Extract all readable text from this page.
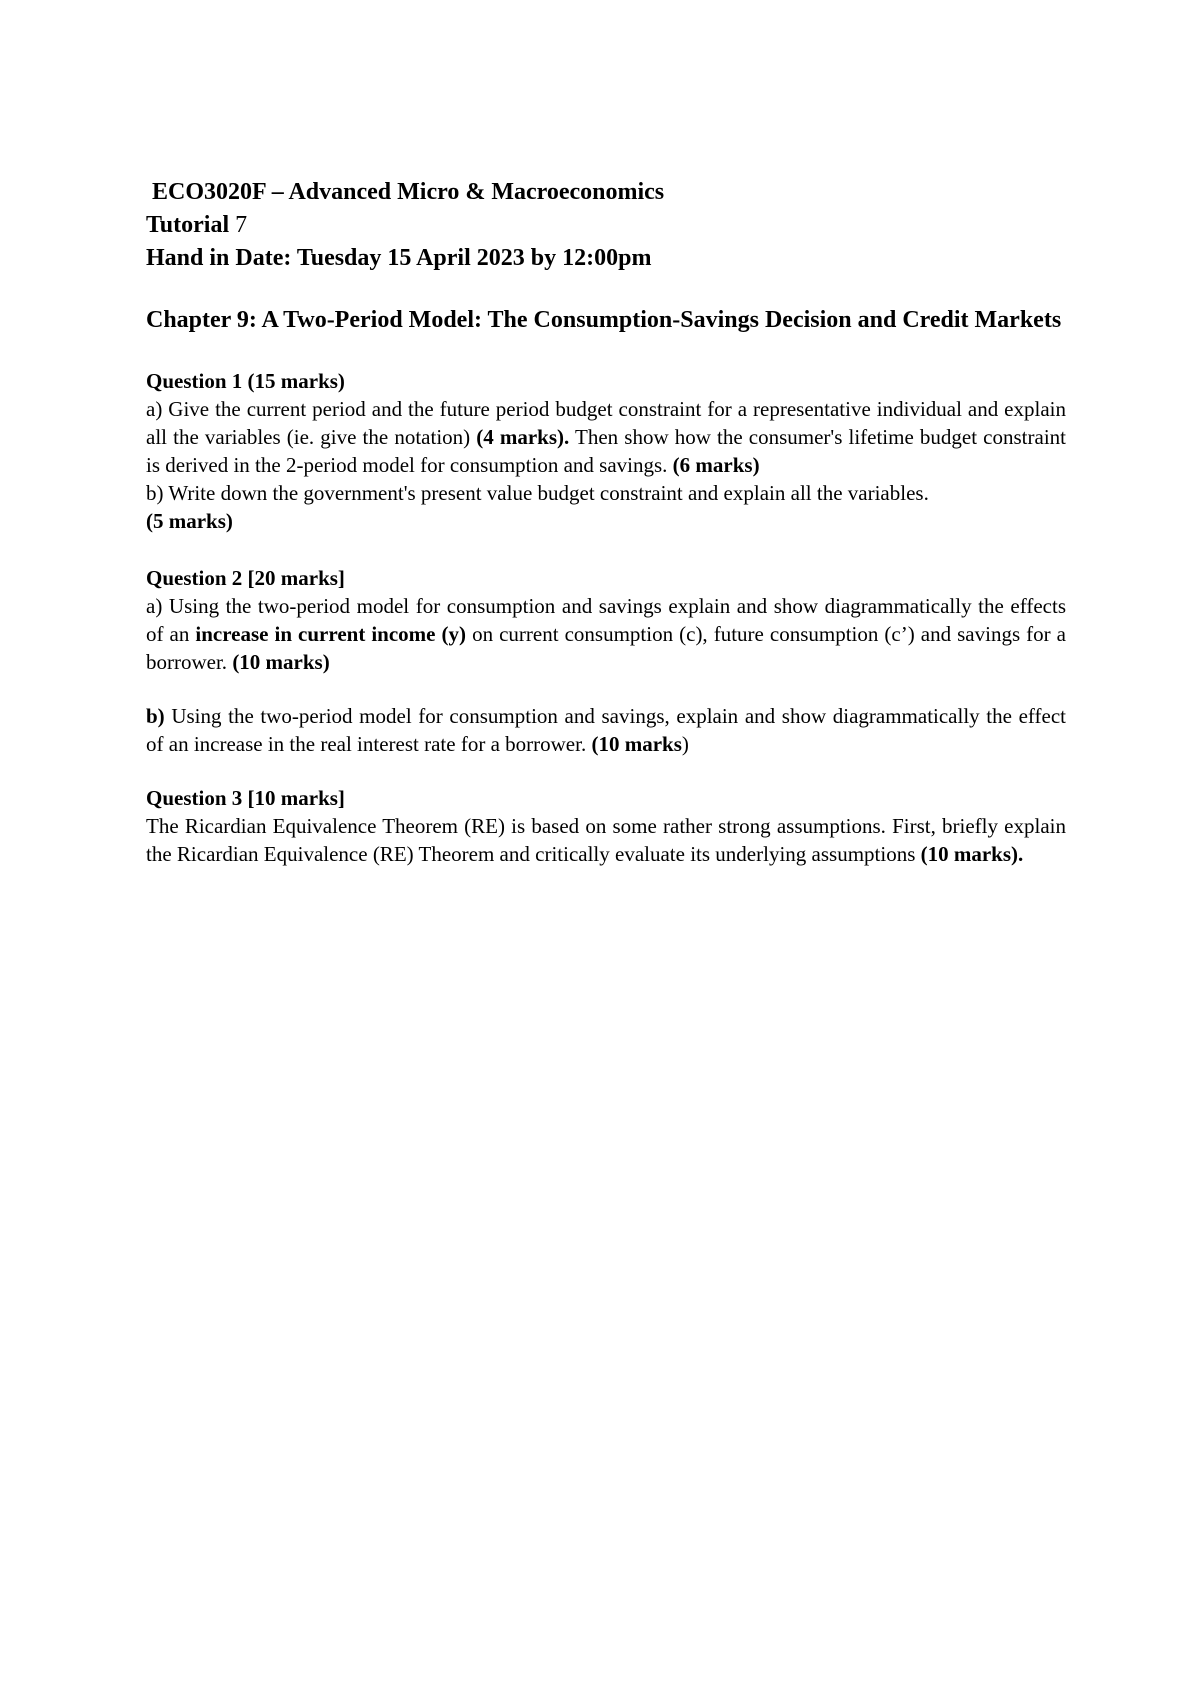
ECO3020F – Advanced Micro & Macroeconomics
Tutorial 7
Hand in Date: Tuesday 15 April 2023 by 12:00pm
Chapter 9: A Two-Period Model: The Consumption-Savings Decision and Credit Markets
Question 1 (15 marks)

a) Give the current period and the future period budget constraint for a representative individual and explain all the variables (ie. give the notation) (4 marks). Then show how the consumer's lifetime budget constraint is derived in the 2-period model for consumption and savings. (6 marks)

b) Write down the government's present value budget constraint and explain all the variables.
(5 marks)

Question 2 [20 marks]

a) Using the two-period model for consumption and savings explain and show diagrammatically the effects of an increase in current income (y) on current consumption (c), future consumption (c’) and savings for a borrower. (10 marks)

b) Using the two-period model for consumption and savings, explain and show diagrammatically the effect of an increase in the real interest rate for a borrower. (10 marks)

Question 3 [10 marks]

The Ricardian Equivalence Theorem (RE) is based on some rather strong assumptions. First, briefly explain the Ricardian Equivalence (RE) Theorem and critically evaluate its underlying assumptions (10 marks).
